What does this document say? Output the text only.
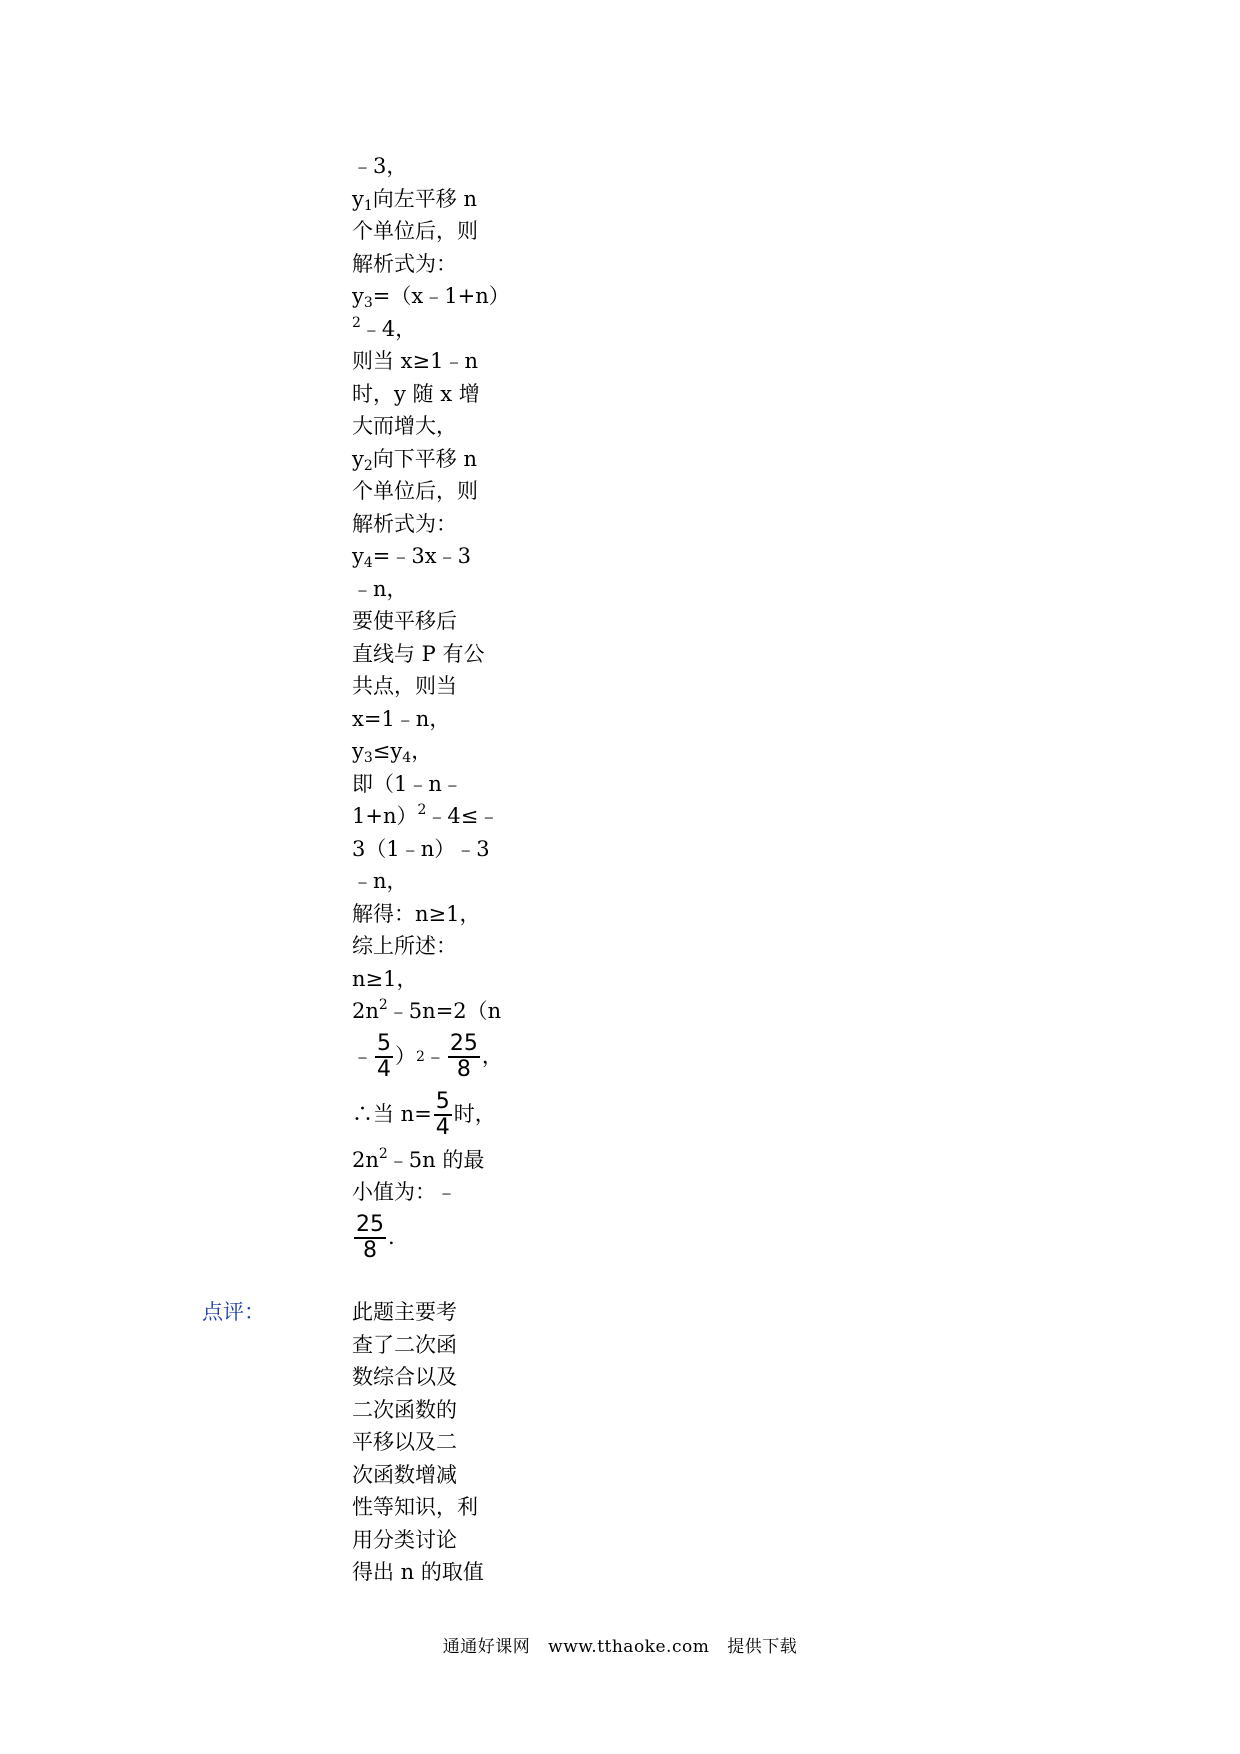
﹣3，
$y_1$向左平移 n
个单位后，则
解析式为：
$y_3=(x﹣1+n)$
$^2$﹣4，
则当 x≥1﹣n
时，y 随 x 增
大而增大，
$y_2$向下平移 n
个单位后，则
解析式为：
$y_4=﹣3x﹣3$
﹣n，
要使平移后
直线与 P 有公
共点，则当
x=1﹣n，
$y_3\le y_4$，
即（1﹣n﹣
1+n）$^2$﹣4≤﹣
3（1﹣n）﹣3
﹣n，
解得：n≥1，
综上所述：
n≥1，
$2n^2﹣5n=2(n$
﹣ $\frac{5}{4}$ ） 2 ﹣ $\frac{25}{8}$ ，
∴当 $n= \frac{5}{4}$ 时，
$2n^2﹣5n$ 的最
小值为：﹣
$\frac{25}{8}$ .
点评：	此题主要考
查了二次函
数综合以及
二次函数的
平移以及二
次函数增减
性等知识，利
用分类讨论
得出 n 的取值
通通好课网 www.tthaoke.com 提供下载
